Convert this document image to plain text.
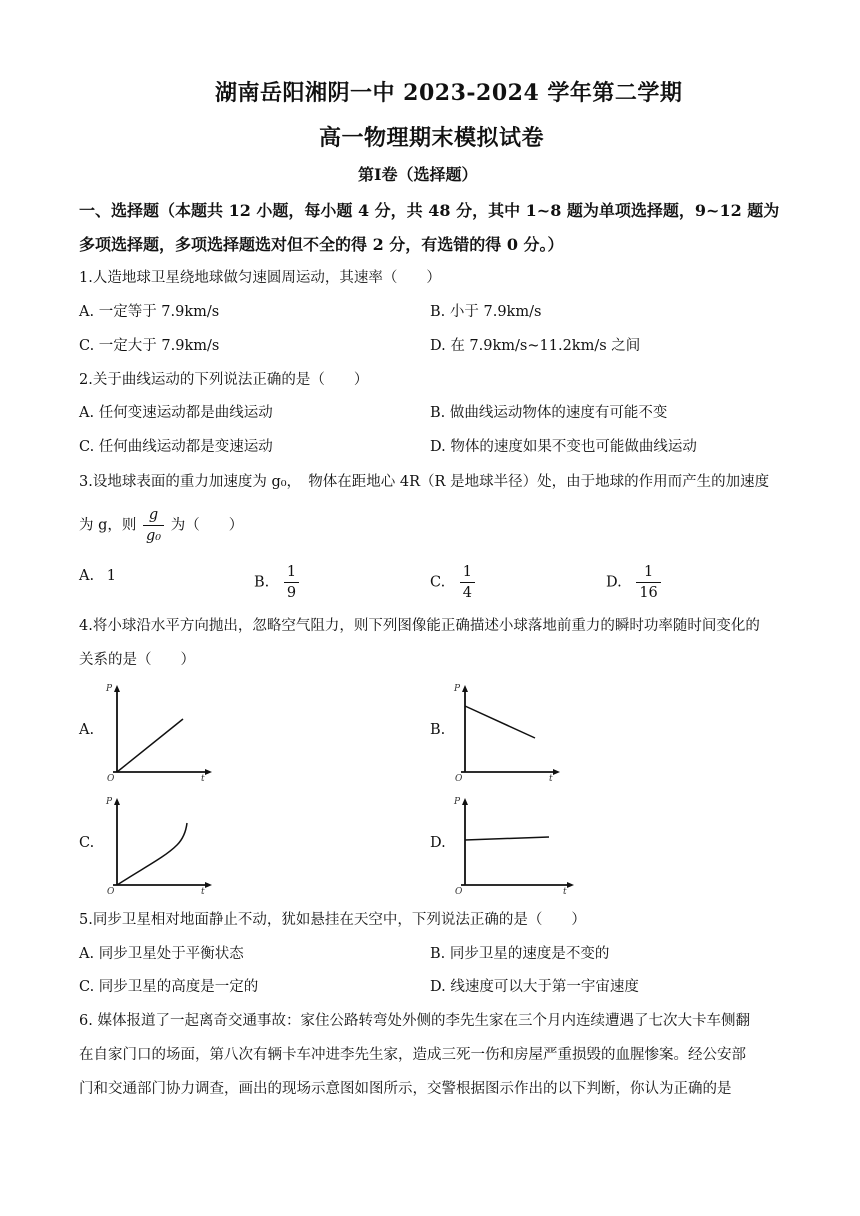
湖南岳阳湘阴一中 2023-2024 学年第二学期
高一物理期末模拟试卷
第Ⅰ卷（选择题）
一、选择题（本题共 12 小题，每小题 4 分，共 48 分，其中 1~8 题为单项选择题，9~12 题为
多项选择题，多项选择题选对但不全的得 2 分，有选错的得 0 分。）
1.人造地球卫星绕地球做匀速圆周运动，其速率（　　）
A. 一定等于 7.9km/s	B. 小于 7.9km/s
C. 一定大于 7.9km/s	D. 在 7.9km/s~11.2km/s 之间
2.关于曲线运动的下列说法正确的是（　　）
A. 任何变速运动都是曲线运动	B. 做曲线运动物体的速度有可能不变
C. 任何曲线运动都是变速运动	D. 物体的速度如果不变也可能做曲线运动
3.设地球表面的重力加速度为 g₀，　物体在距地心 4R（R 是地球半径）处，由于地球的作用而产生的加速度
为 g，则 $\frac{g}{\text{g₀}}$ 为（　　）
A. 1	B. $\frac{1}{9}$	C. $\frac{1}{4}$	D. $\frac{1}{16}$
4.将小球沿水平方向抛出，忽略空气阻力，则下列图像能正确描述小球落地前重力的瞬时功率随时间变化的
关系的是（　　）
A.	B.
C.	D.
P
t
O
P
t
O
P
t
O
P
t
O
5.同步卫星相对地面静止不动，犹如悬挂在天空中，下列说法正确的是（　　）
A. 同步卫星处于平衡状态	B. 同步卫星的速度是不变的
C. 同步卫星的高度是一定的	D. 线速度可以大于第一宇宙速度
6. 媒体报道了一起离奇交通事故：家住公路转弯处外侧的李先生家在三个月内连续遭遇了七次大卡车侧翻
在自家门口的场面，第八次有辆卡车冲进李先生家，造成三死一伤和房屋严重损毁的血腥惨案。经公安部
门和交通部门协力调查，画出的现场示意图如图所示，交警根据图示作出的以下判断，你认为正确的是
